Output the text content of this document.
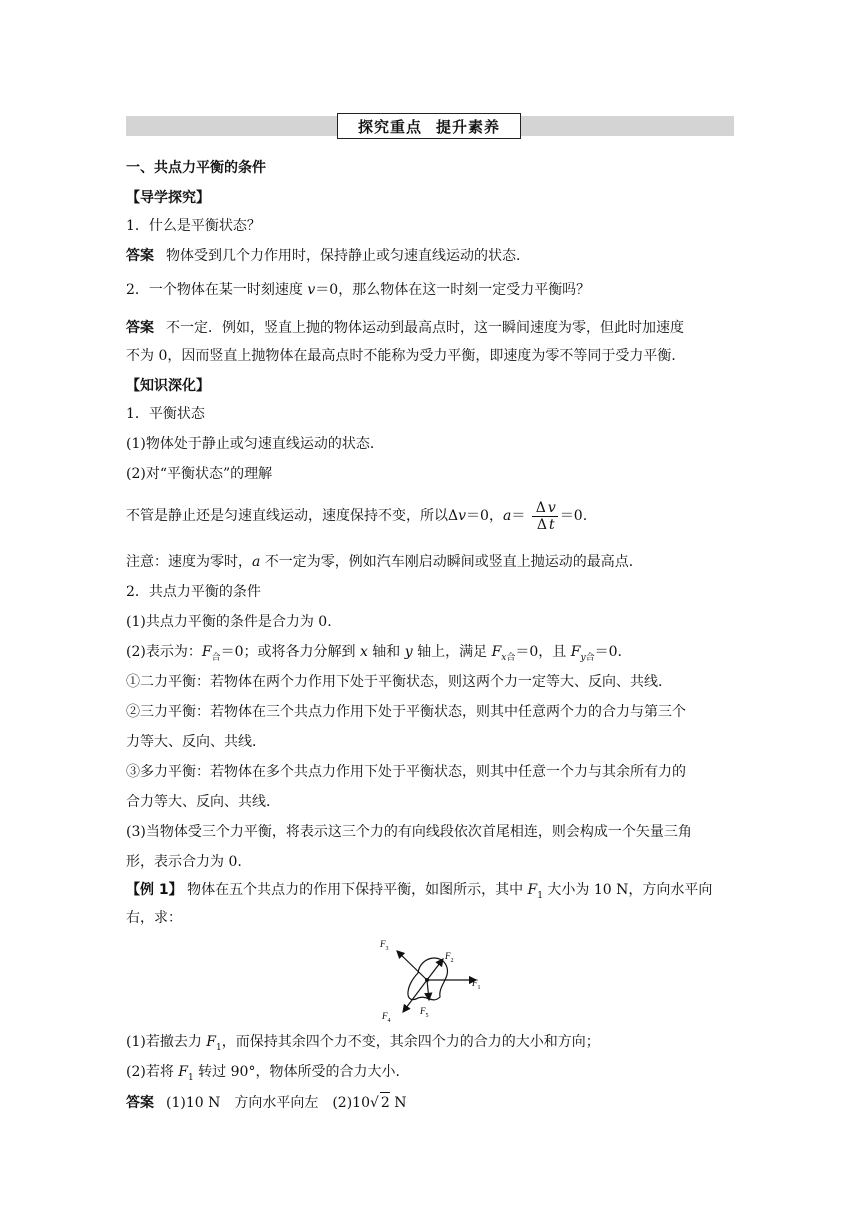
探究重点 提升素养
一、共点力平衡的条件
【导学探究】
1．什么是平衡状态？
答案 物体受到几个力作用时，保持静止或匀速直线运动的状态．
2．一个物体在某一时刻速度 v＝0，那么物体在这一时刻一定受力平衡吗？
答案 不一定．例如，竖直上抛的物体运动到最高点时，这一瞬间速度为零，但此时加速度
不为 0，因而竖直上抛物体在最高点时不能称为受力平衡，即速度为零不等同于受力平衡．
【知识深化】
1．平衡状态
(1)物体处于静止或匀速直线运动的状态．
(2)对“平衡状态”的理解
不管是静止还是匀速直线运动，速度保持不变，所以Δv＝0，$a= \frac{\text{Δ v}}{\text{Δ t}} =0$.
注意：速度为零时，a 不一定为零，例如汽车刚启动瞬间或竖直上抛运动的最高点．
2．共点力平衡的条件
(1)共点力平衡的条件是合力为 0.
(2)表示为：$F_合=0$；或将各力分解到 x 轴和 y 轴上，满足 $F_{x合}=0$，且 $F_{y合}=0$.
①二力平衡：若物体在两个力作用下处于平衡状态，则这两个力一定等大、反向、共线．
②三力平衡：若物体在三个共点力作用下处于平衡状态，则其中任意两个力的合力与第三个
力等大、反向、共线．
③多力平衡：若物体在多个共点力作用下处于平衡状态，则其中任意一个力与其余所有力的
合力等大、反向、共线．
(3)当物体受三个力平衡，将表示这三个力的有向线段依次首尾相连，则会构成一个矢量三角
形，表示合力为 0.
【例 1】 物体在五个共点力的作用下保持平衡，如图所示，其中 $F_1$ 大小为 10 N，方向水平向
右，求：
$F_3$
$F_2$
$F_1$
$F_4$
$F_5$
(1)若撤去力 $F_1$，而保持其余四个力不变，其余四个力的合力的大小和方向；
(2)若将 $F_1$ 转过 90°，物体所受的合力大小．
答案 (1)10 N　方向水平向左　(2)10√ 2 N
